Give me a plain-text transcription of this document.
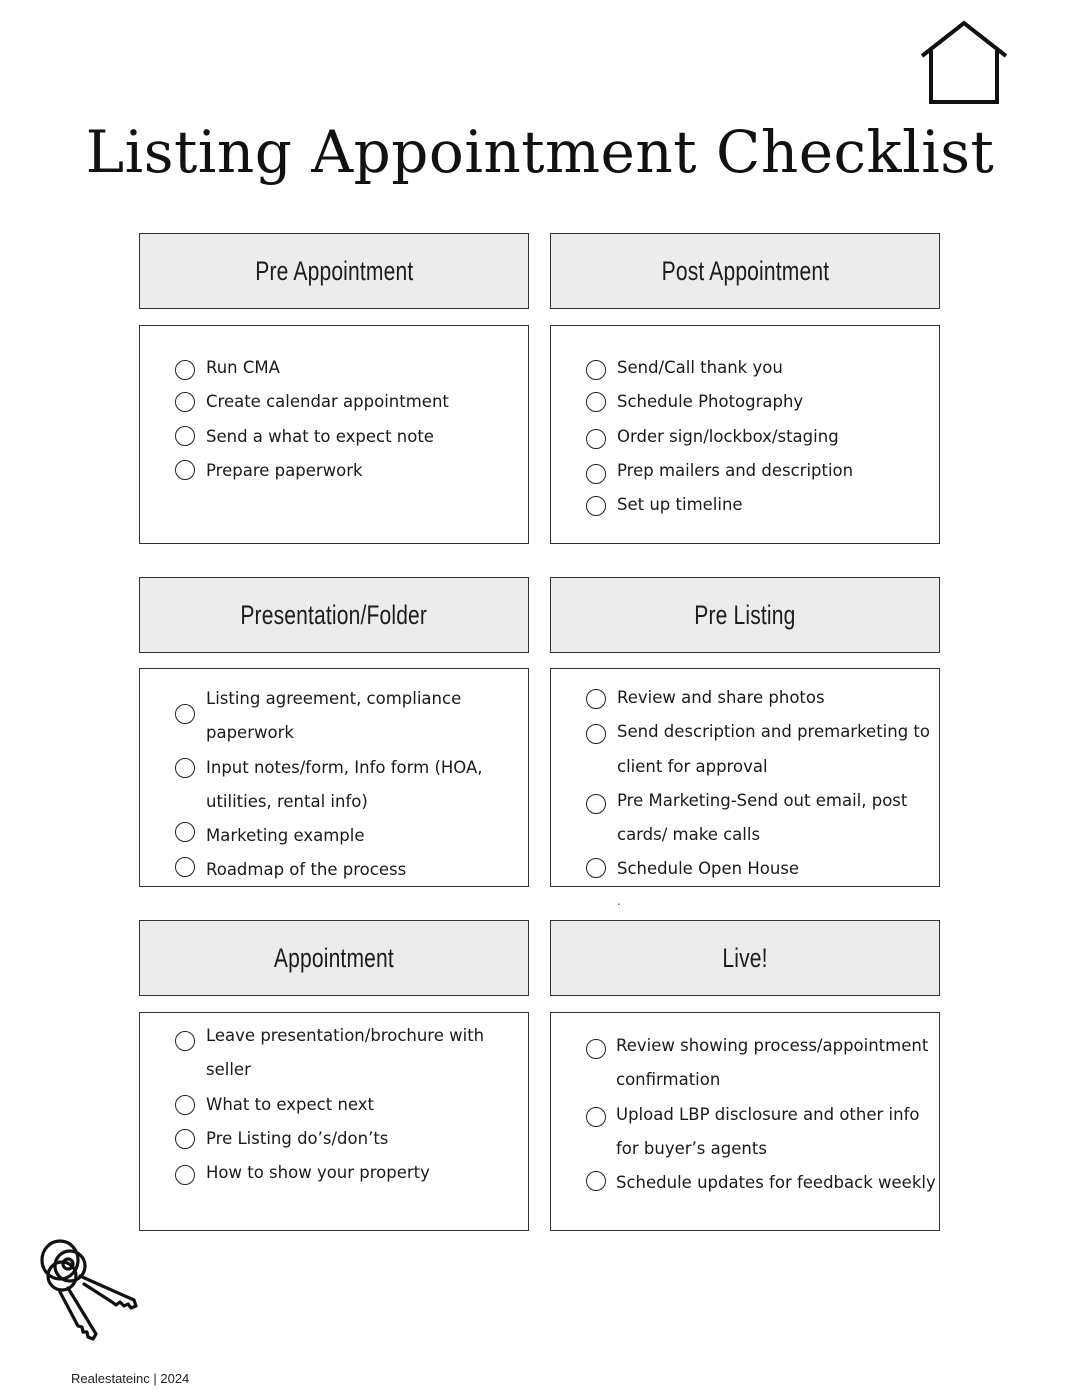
Listing Appointment Checklist
Pre Appointment	Post Appointment
Run CMA
Create calendar appointment
Send a what to expect note
Prepare paperwork
Send/Call thank you
Schedule Photography
Order sign/lockbox/staging
Prep mailers and description
Set up timeline
Presentation/Folder	Pre Listing
Listing agreement, compliance paperwork
Input notes/form, Info form (HOA, utilities, rental info)
Marketing example
Roadmap of the process
Review and share photos
Send description and premarketing to client for approval
Pre Marketing-Send out email, post cards/ make calls
Schedule Open House
.
Appointment	Live!
Leave presentation/brochure with seller
What to expect next
Pre Listing do’s/don’ts
How to show your property
Review showing process/appointment confirmation
Upload LBP disclosure and other info for buyer’s agents
Schedule updates for feedback weekly
Realestateinc | 2024
